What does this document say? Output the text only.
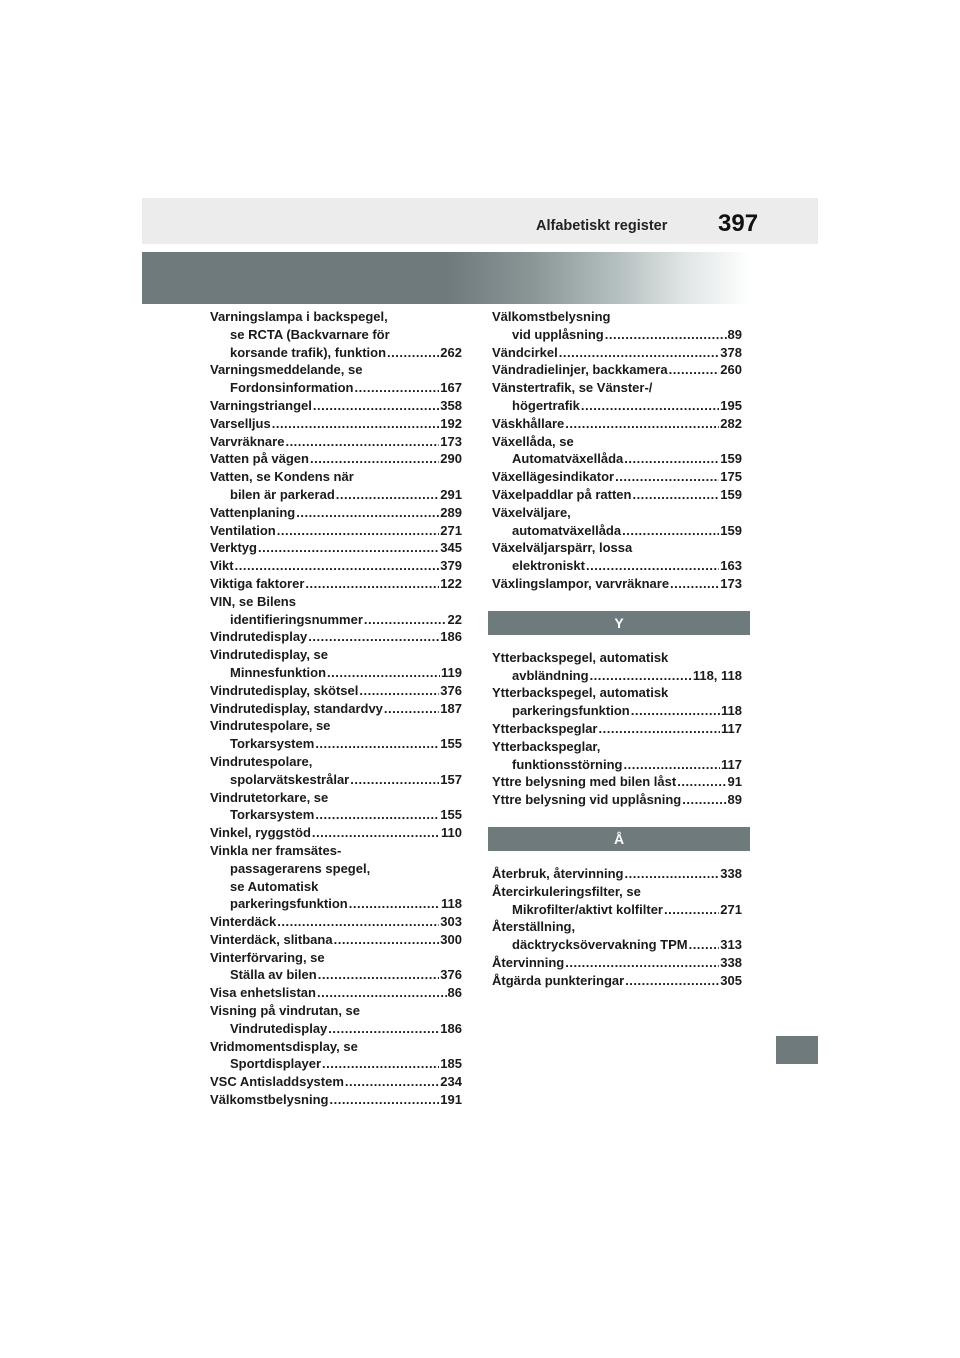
Alfabetiskt register	397
Varningslampa i backspegel,
se RCTA (Backvarnare för
korsande trafik), funktion .....	262
Varningsmeddelande, se
Fordonsinformation .....	167
Varningstriangel .....	358
Varselljus .....	192
Varvräknare .....	173
Vatten på vägen .....	290
Vatten, se Kondens när
bilen är parkerad .....	291
Vattenplaning .....	289
Ventilation .....	271
Verktyg .....	345
Vikt .....	379
Viktiga faktorer .....	122
VIN, se Bilens
identifieringsnummer .....	22
Vindrutedisplay .....	186
Vindrutedisplay, se
Minnesfunktion .....	119
Vindrutedisplay, skötsel .....	376
Vindrutedisplay, standardvy .....	187
Vindrutespolare, se
Torkarsystem .....	155
Vindrutespolare,
spolarvätskestrålar .....	157
Vindrutetorkare, se
Torkarsystem .....	155
Vinkel, ryggstöd .....	110
Vinkla ner framsätes-
passagerarens spegel,
se Automatisk
parkeringsfunktion .....	118
Vinterdäck .....	303
Vinterdäck, slitbana .....	300
Vinterförvaring, se
Ställa av bilen .....	376
Visa enhetslistan .....	86
Visning på vindrutan, se
Vindrutedisplay .....	186
Vridmomentsdisplay, se
Sportdisplayer .....	185
VSC Antisladdsystem .....	234
Välkomstbelysning .....	191
Välkomstbelysning
vid upplåsning .....	89
Vändcirkel .....	378
Vändradielinjer, backkamera .....	260
Vänstertrafik, se Vänster-/
högertrafik .....	195
Väskhållare .....	282
Växellåda, se
Automatväxellåda .....	159
Växellägesindikator .....	175
Växelpaddlar på ratten .....	159
Växelväljare,
automatväxellåda .....	159
Växelväljarspärr, lossa
elektroniskt .....	163
Växlingslampor, varvräknare .....	173
Y
Ytterbackspegel, automatisk
avbländning .....	118, 118
Ytterbackspegel, automatisk
parkeringsfunktion .....	118
Ytterbackspeglar .....	117
Ytterbackspeglar,
funktionsstörning .....	117
Yttre belysning med bilen låst .....	91
Yttre belysning vid upplåsning .....	89
Å
Återbruk, återvinning .....	338
Återcirkuleringsfilter, se
Mikrofilter/aktivt kolfilter .....	271
Återställning,
däcktrycksövervakning TPM .....	313
Återvinning .....	338
Åtgärda punkteringar .....	305
